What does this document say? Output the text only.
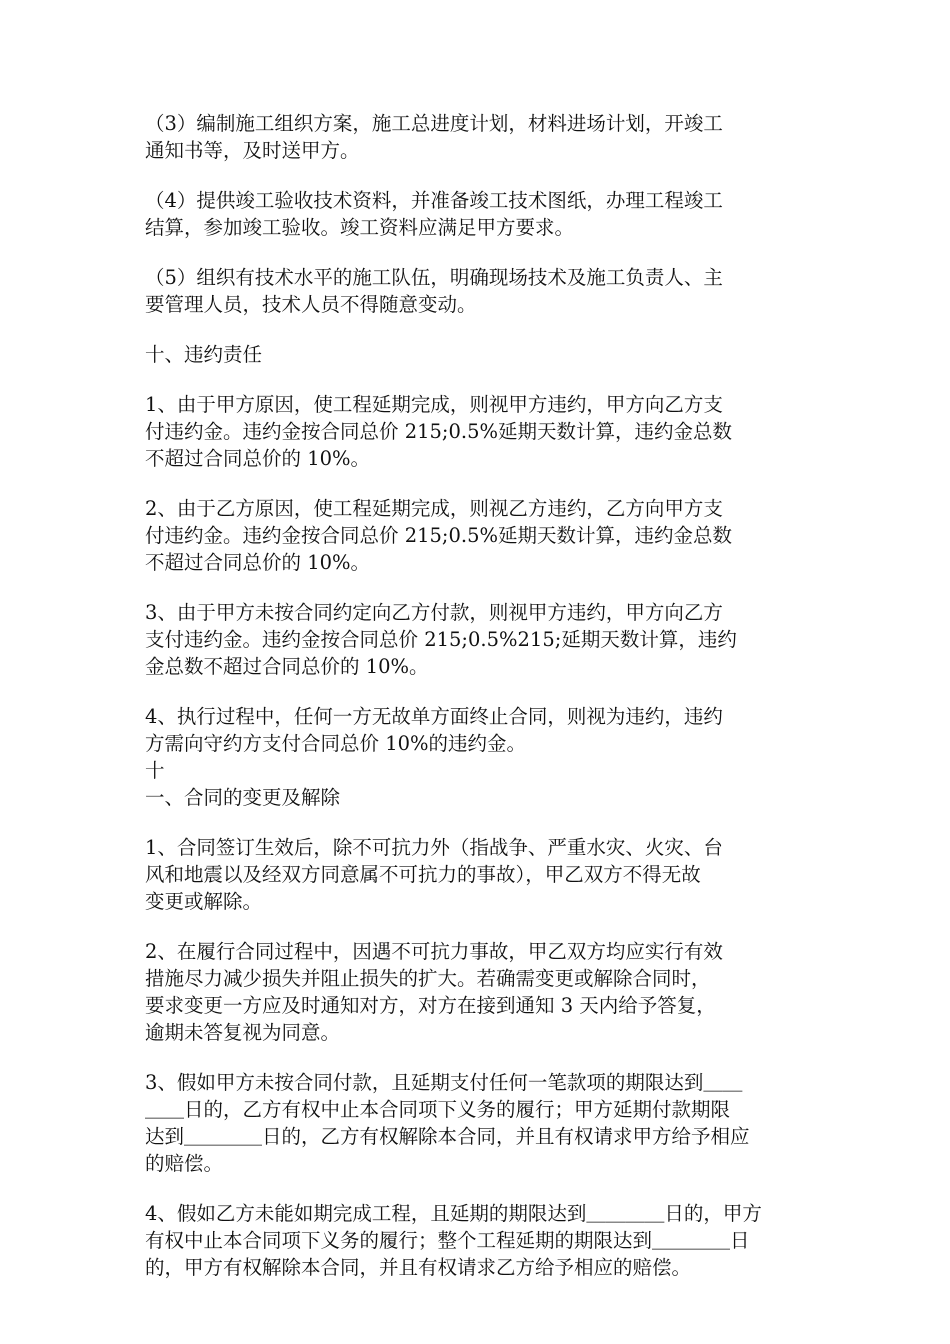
（3）编制施工组织方案，施工总进度计划，材料进场计划，开竣工
通知书等，及时送甲方。

（4）提供竣工验收技术资料，并准备竣工技术图纸，办理工程竣工
结算，参加竣工验收。竣工资料应满足甲方要求。

（5）组织有技术水平的施工队伍，明确现场技术及施工负责人、主
要管理人员，技术人员不得随意变动。

十、违约责任

1、由于甲方原因，使工程延期完成，则视甲方违约，甲方向乙方支
付违约金。违约金按合同总价 215;0.5%延期天数计算，违约金总数
不超过合同总价的 10%。

2、由于乙方原因，使工程延期完成，则视乙方违约，乙方向甲方支
付违约金。违约金按合同总价 215;0.5%延期天数计算，违约金总数
不超过合同总价的 10%。

3、由于甲方未按合同约定向乙方付款，则视甲方违约，甲方向乙方
支付违约金。违约金按合同总价 215;0.5%215;延期天数计算，违约
金总数不超过合同总价的 10%。

4、执行过程中，任何一方无故单方面终止合同，则视为违约，违约
方需向守约方支付合同总价 10%的违约金。
十
一、合同的变更及解除

1、合同签订生效后，除不可抗力外（指战争、严重水灾、火灾、台
风和地震以及经双方同意属不可抗力的事故），甲乙双方不得无故
变更或解除。

2、在履行合同过程中，因遇不可抗力事故，甲乙双方均应实行有效
措施尽力减少损失并阻止损失的扩大。若确需变更或解除合同时，
要求变更一方应及时通知对方，对方在接到通知 3 天内给予答复，
逾期未答复视为同意。

3、假如甲方未按合同付款，且延期支付任何一笔款项的期限达到＿＿
＿＿日的，乙方有权中止本合同项下义务的履行；甲方延期付款期限
达到＿＿＿＿日的，乙方有权解除本合同，并且有权请求甲方给予相应
的赔偿。

4、假如乙方未能如期完成工程，且延期的期限达到＿＿＿＿日的，甲方
有权中止本合同项下义务的履行；整个工程延期的期限达到＿＿＿＿日
的，甲方有权解除本合同，并且有权请求乙方给予相应的赔偿。
